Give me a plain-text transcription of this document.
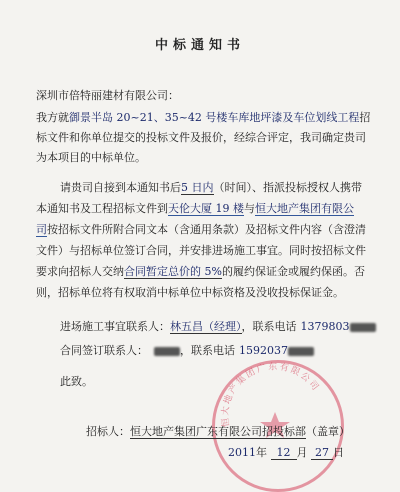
中标通知书
深圳市倍特丽建材有限公司：
我方就御景半岛 20~21、35~42 号楼车库地坪漆及车位划线工程招
标文件和你单位提交的投标文件及报价，经综合评定，我司确定贵司
为本项目的中标单位。
请贵司自接到本通知书后5 日内（时间）、指派投标授权人携带
本通知书及工程招标文件到天伦大厦 19 楼与恒大地产集团有限公
司按招标文件所附合同文本（含通用条款）及招标文件内容（含澄清
文件）与招标单位签订合同，并安排进场施工事宜。同时按招标文件
要求向招标人交纳合同暂定总价的 5%的履约保证金或履约保函。否
则，招标单位将有权取消中标单位中标资格及没收投标保证金。
进场施工事宜联系人：林五昌（经理），联系电话 1379803
合同签订联系人：	，联系电话 1592037
此致。
恒大地产集团广东有限公司
招标人：恒大地产集团广东有限公司招投标部（盖章）
2011年 12 月 27 日
